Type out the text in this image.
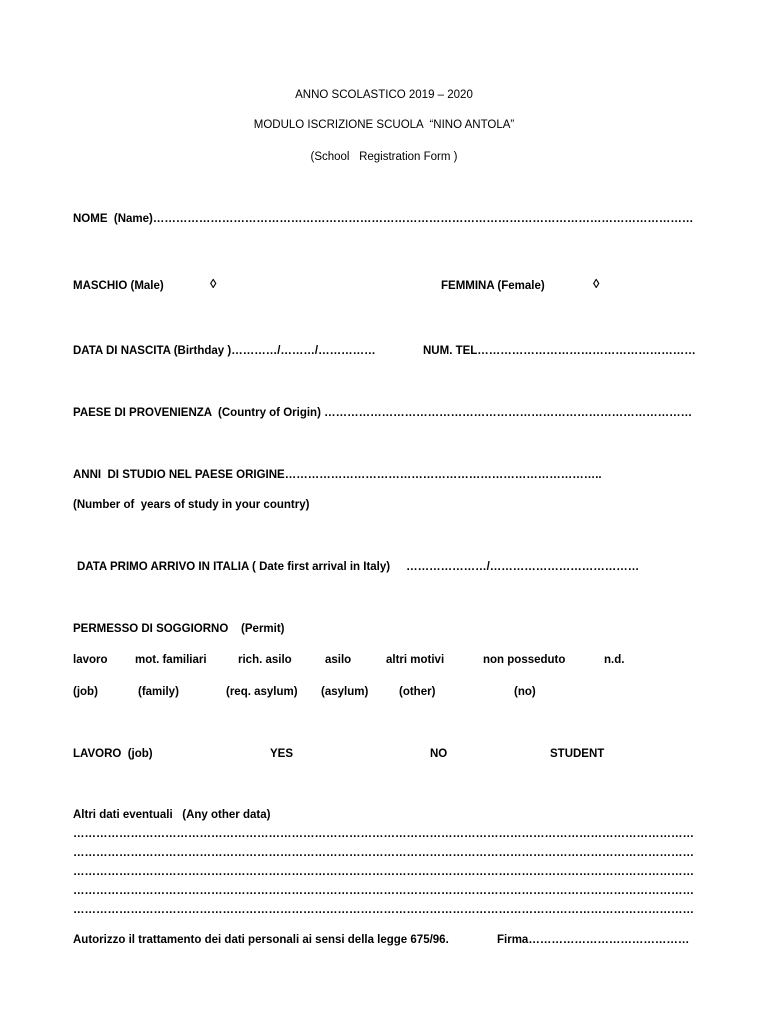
ANNO SCOLASTICO 2019 – 2020
MODULO ISCRIZIONE SCUOLA  “NINO ANTOLA”
(School   Registration Form )
NOME  (Name)……………………………………………………………………………………………………………………………
MASCHIO (Male)	◊	FEMMINA (Female)	◊
DATA DI NASCITA (Birthday )…………/………/……………	NUM. TEL…………………………………………………
PAESE DI PROVENIENZA  (Country of Origin) ……………………………………………………………………………………
ANNI  DI STUDIO NEL PAESE ORIGINE………………………………………………………………………..
(Number of  years of study in your country)
DATA PRIMO ARRIVO IN ITALIA ( Date first arrival in Italy)     …………………/…………………………………
PERMESSO DI SOGGIORNO    (Permit)
lavoro mot. familiari	rich. asilo	asilo	altri motivi	non posseduto	n.d.
(job)	(family)	(req. asylum) (asylum)	(other)	(no)
LAVORO  (job)	YES	NO	STUDENT
Altri dati eventuali   (Any other data)
………………………………………………………………………………………………………………………………………………
………………………………………………………………………………………………………………………………………………
………………………………………………………………………………………………………………………………………………
………………………………………………………………………………………………………………………………………………
………………………………………………………………………………………………………………………………………………
Autorizzo il trattamento dei dati personali ai sensi della legge 675/96.	Firma……………………………………
